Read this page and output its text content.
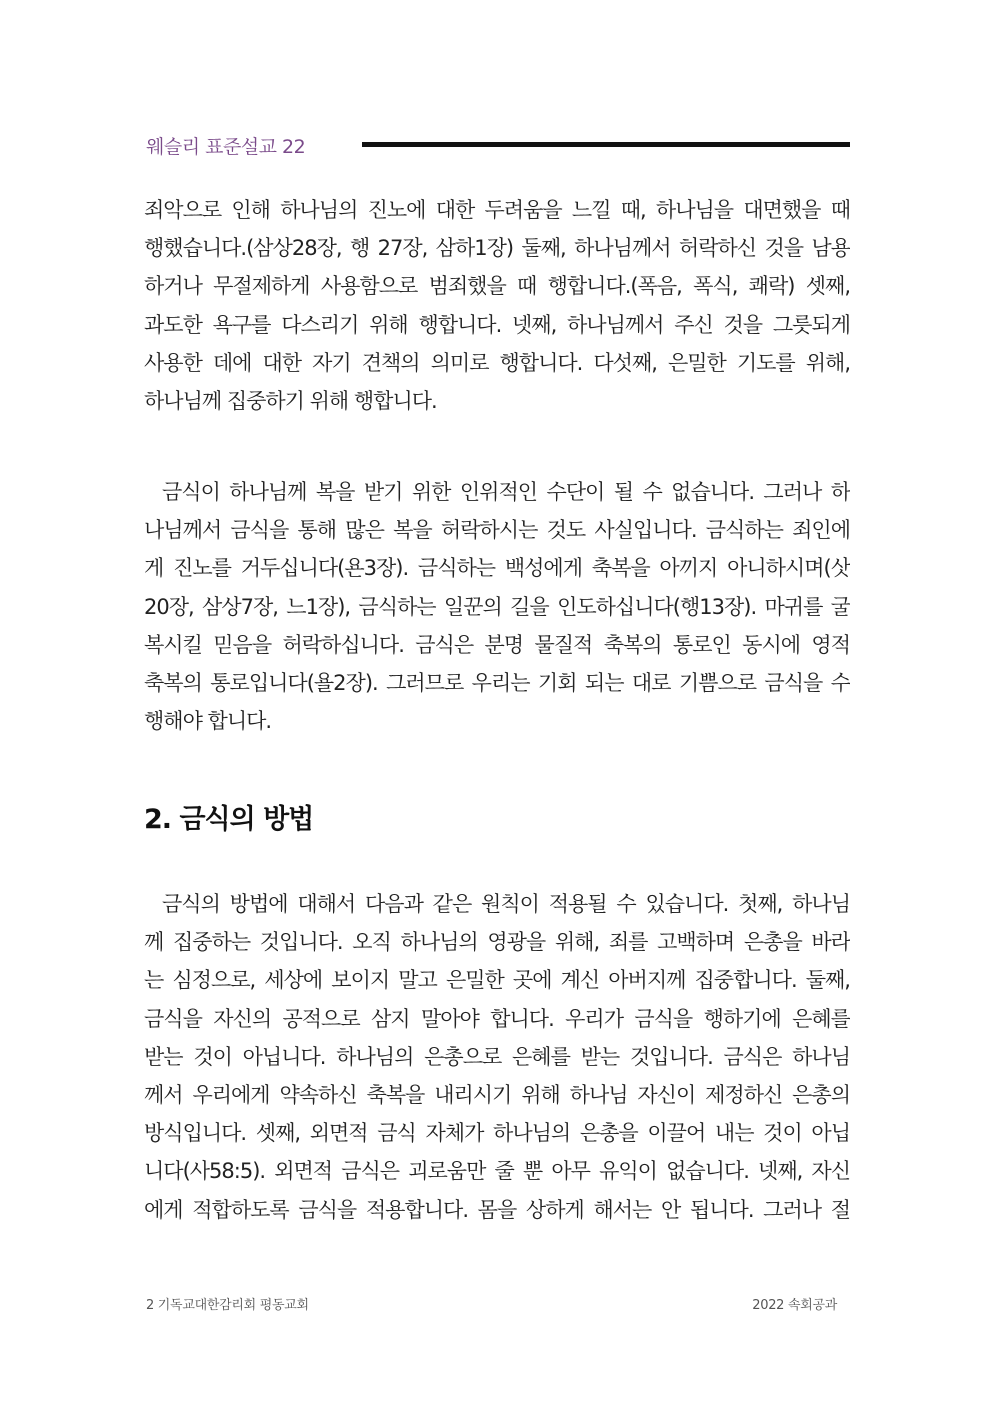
웨슬리 표준설교 22
죄악으로 인해 하나님의 진노에 대한 두려움을 느낄 때, 하나님을 대면했을 때
행했습니다.(삼상28장, 행 27장, 삼하1장) 둘째, 하나님께서 허락하신 것을 남용
하거나 무절제하게 사용함으로 범죄했을 때 행합니다.(폭음, 폭식, 쾌락) 셋째,
과도한 욕구를 다스리기 위해 행합니다. 넷째, 하나님께서 주신 것을 그릇되게
사용한 데에 대한 자기 견책의 의미로 행합니다. 다섯째, 은밀한 기도를 위해,
하나님께 집중하기 위해 행합니다.
금식이 하나님께 복을 받기 위한 인위적인 수단이 될 수 없습니다. 그러나 하
나님께서 금식을 통해 많은 복을 허락하시는 것도 사실입니다. 금식하는 죄인에
게 진노를 거두십니다(욘3장). 금식하는 백성에게 축복을 아끼지 아니하시며(삿
20장, 삼상7장, 느1장), 금식하는 일꾼의 길을 인도하십니다(행13장). 마귀를 굴
복시킬 믿음을 허락하십니다. 금식은 분명 물질적 축복의 통로인 동시에 영적
축복의 통로입니다(욜2장). 그러므로 우리는 기회 되는 대로 기쁨으로 금식을 수
행해야 합니다.
2. 금식의 방법
금식의 방법에 대해서 다음과 같은 원칙이 적용될 수 있습니다. 첫째, 하나님
께 집중하는 것입니다. 오직 하나님의 영광을 위해, 죄를 고백하며 은총을 바라
는 심정으로, 세상에 보이지 말고 은밀한 곳에 계신 아버지께 집중합니다. 둘째,
금식을 자신의 공적으로 삼지 말아야 합니다. 우리가 금식을 행하기에 은혜를
받는 것이 아닙니다. 하나님의 은총으로 은혜를 받는 것입니다. 금식은 하나님
께서 우리에게 약속하신 축복을 내리시기 위해 하나님 자신이 제정하신 은총의
방식입니다. 셋째, 외면적 금식 자체가 하나님의 은총을 이끌어 내는 것이 아닙
니다(사58:5). 외면적 금식은 괴로움만 줄 뿐 아무 유익이 없습니다. 넷째, 자신
에게 적합하도록 금식을 적용합니다. 몸을 상하게 해서는 안 됩니다. 그러나 절
2 기독교대한감리회 평동교회	2022 속회공과
